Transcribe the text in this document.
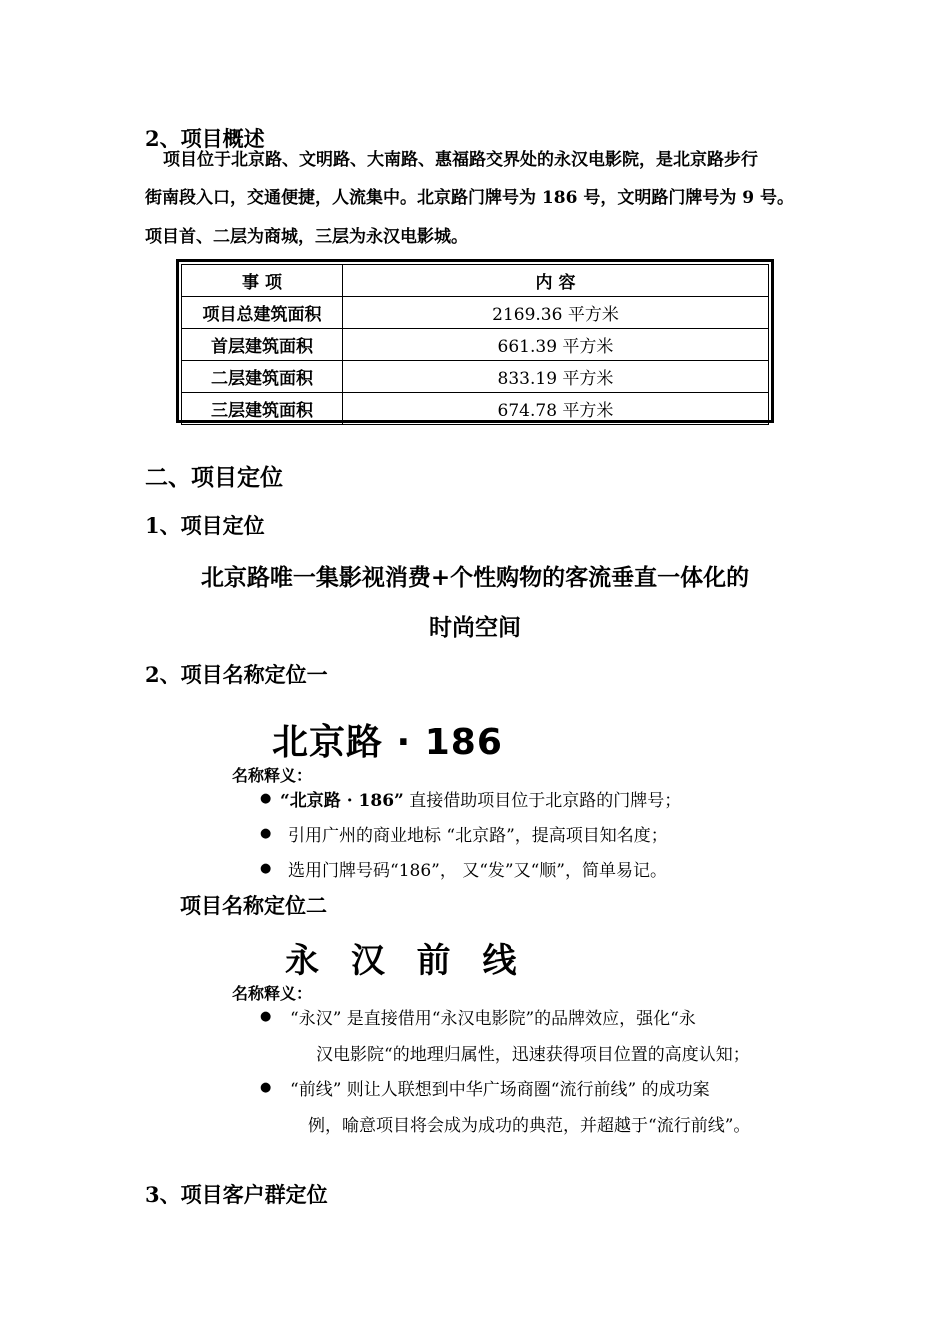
2、项目概述
项目位于北京路、文明路、大南路、惠福路交界处的永汉电影院，是北京路步行
街南段入口，交通便捷，人流集中。北京路门牌号为 186 号，文明路门牌号为 9 号。
项目首、二层为商城，三层为永汉电影城。
事 项	内 容
项目总建筑面积	2169.36 平方米
首层建筑面积	661.39 平方米
二层建筑面积	833.19 平方米
三层建筑面积	674.78 平方米
二、项目定位
1、项目定位
北京路唯一集影视消费+个性购物的客流垂直一体化的
时尚空间
2、项目名称定位一
北京路 · 186
名称释义：
● “北京路 · 186” 直接借助项目位于北京路的门牌号；
● 引用广州的商业地标 “北京路”，提高项目知名度；
● 选用门牌号码“186”， 又“发”又“顺”，简单易记。
项目名称定位二
永 汉 前 线
名称释义：
● “永汉” 是直接借用“永汉电影院”的品牌效应，强化“永
汉电影院“的地理归属性，迅速获得项目位置的高度认知；
● “前线” 则让人联想到中华广场商圈“流行前线” 的成功案
例，喻意项目将会成为成功的典范，并超越于“流行前线”。
3、项目客户群定位
